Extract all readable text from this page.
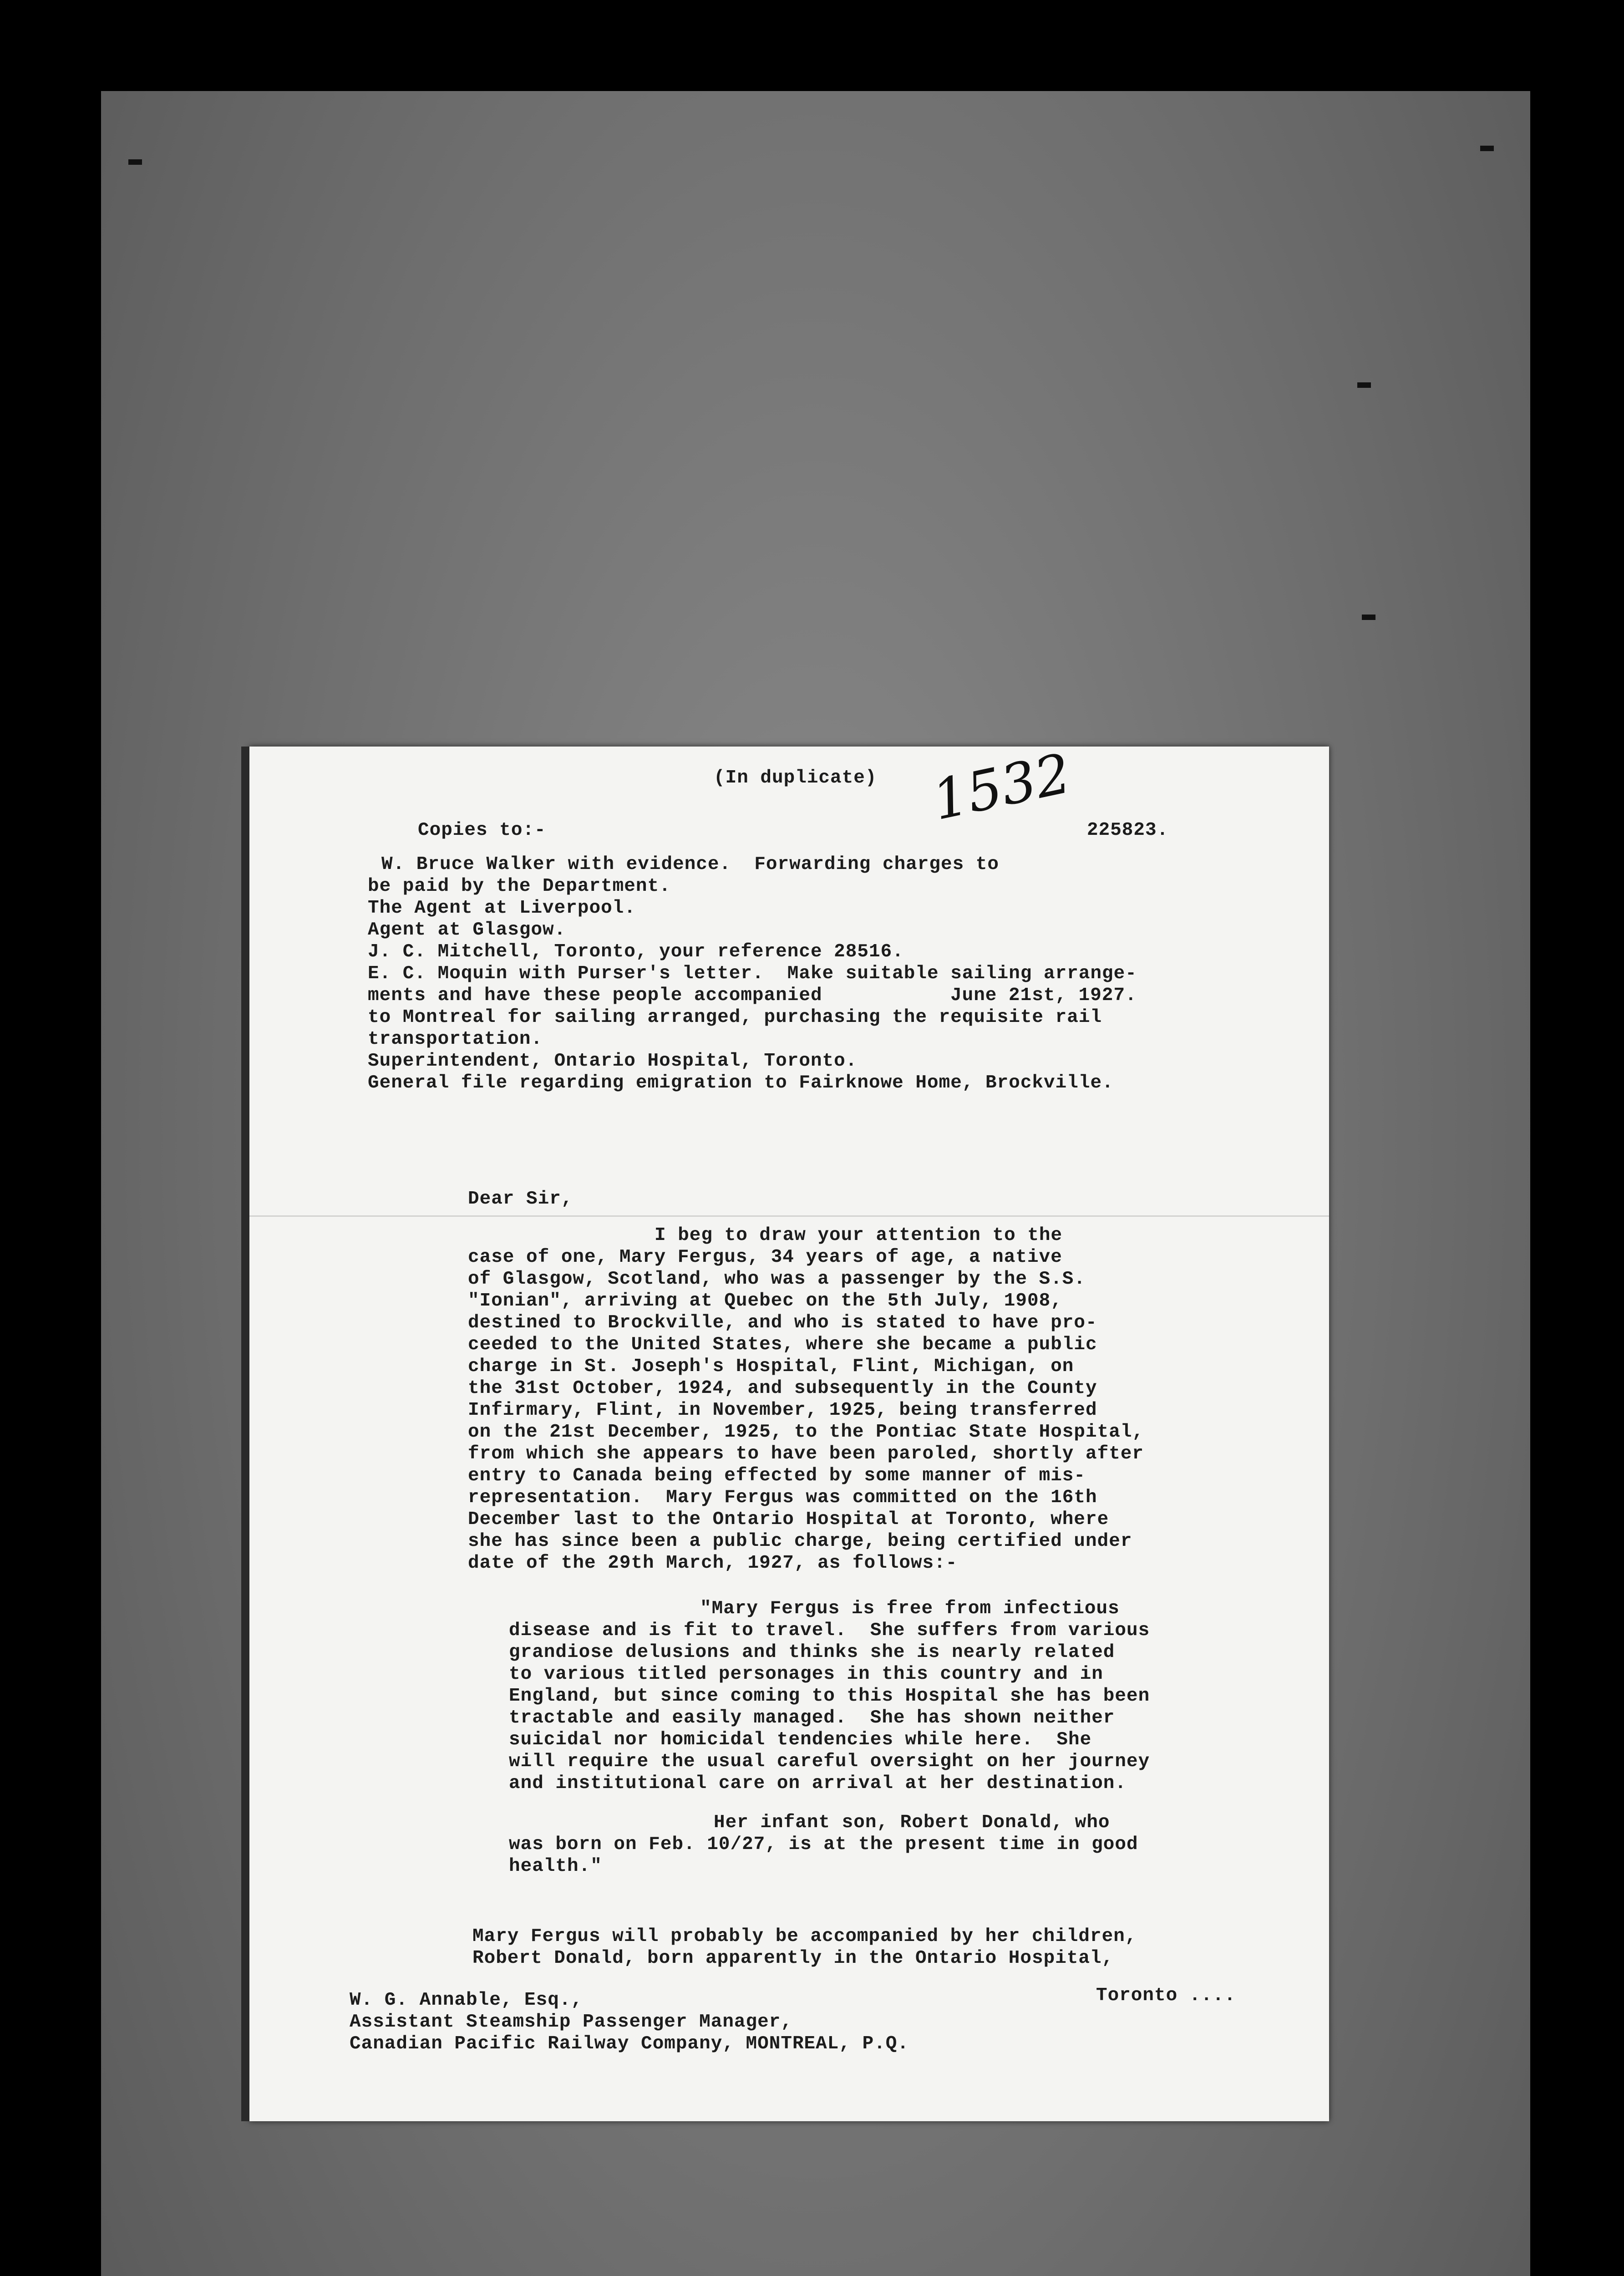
(In duplicate) 1532
Copies to:-	225823.
W. Bruce Walker with evidence.  Forwarding charges to
be paid by the Department.
The Agent at Liverpool.
Agent at Glasgow.
J. C. Mitchell, Toronto, your reference 28516.
E. C. Moquin with Purser's letter.  Make suitable sailing arrange-
ments and have these people accompanied	June 21st, 1927.
to Montreal for sailing arranged, purchasing the requisite rail
transportation.
Superintendent, Ontario Hospital, Toronto.
General file regarding emigration to Fairknowe Home, Brockville.
Dear Sir,
I beg to draw your attention to the
case of one, Mary Fergus, 34 years of age, a native
of Glasgow, Scotland, who was a passenger by the S.S.
"Ionian", arriving at Quebec on the 5th July, 1908,
destined to Brockville, and who is stated to have pro-
ceeded to the United States, where she became a public
charge in St. Joseph's Hospital, Flint, Michigan, on
the 31st October, 1924, and subsequently in the County
Infirmary, Flint, in November, 1925, being transferred
on the 21st December, 1925, to the Pontiac State Hospital,
from which she appears to have been paroled, shortly after
entry to Canada being effected by some manner of mis-
representation.  Mary Fergus was committed on the 16th
December last to the Ontario Hospital at Toronto, where
she has since been a public charge, being certified under
date of the 29th March, 1927, as follows:-
"Mary Fergus is free from infectious
disease and is fit to travel.  She suffers from various
grandiose delusions and thinks she is nearly related
to various titled personages in this country and in
England, but since coming to this Hospital she has been
tractable and easily managed.  She has shown neither
suicidal nor homicidal tendencies while here.  She
will require the usual careful oversight on her journey
and institutional care on arrival at her destination.
Her infant son, Robert Donald, who
was born on Feb. 10/27, is at the present time in good
health."
Mary Fergus will probably be accompanied by her children,
Robert Donald, born apparently in the Ontario Hospital,
Toronto ....
W. G. Annable, Esq.,
Assistant Steamship Passenger Manager,
Canadian Pacific Railway Company, MONTREAL, P.Q.
